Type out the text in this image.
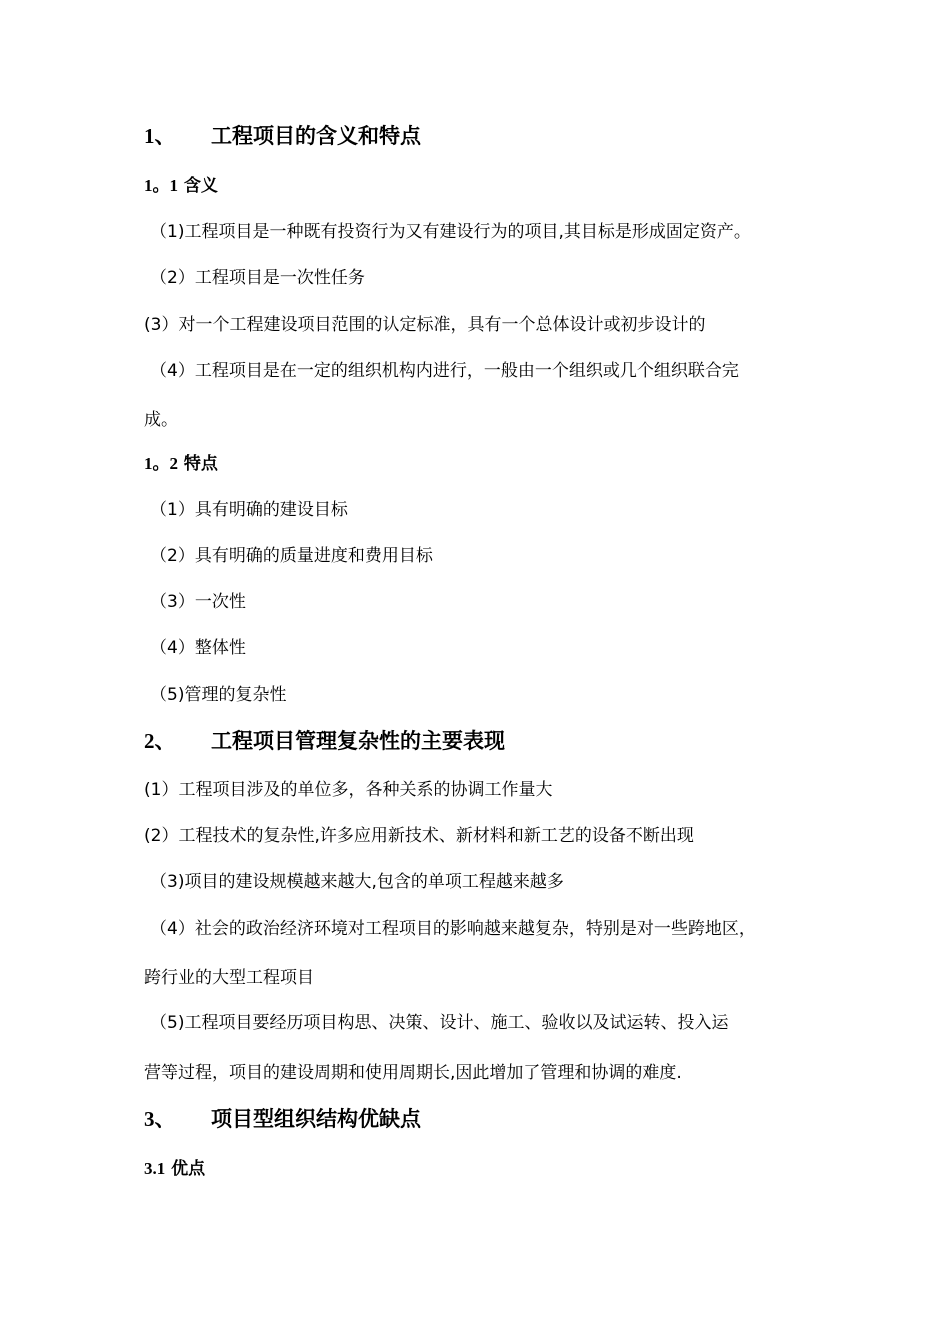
1、 工程项目的含义和特点
1。1 含义
（1)工程项目是一种既有投资行为又有建设行为的项目,其目标是形成固定资产。
（2）工程项目是一次性任务
(3）对一个工程建设项目范围的认定标准，具有一个总体设计或初步设计的
（4）工程项目是在一定的组织机构内进行，一般由一个组织或几个组织联合完
成。
1。2 特点
（1）具有明确的建设目标
（2）具有明确的质量进度和费用目标
（3）一次性
（4）整体性
（5)管理的复杂性
2、 工程项目管理复杂性的主要表现
(1）工程项目涉及的单位多，各种关系的协调工作量大
(2）工程技术的复杂性,许多应用新技术、新材料和新工艺的设备不断出现
（3)项目的建设规模越来越大,包含的单项工程越来越多
（4）社会的政治经济环境对工程项目的影响越来越复杂，特别是对一些跨地区，
跨行业的大型工程项目
（5)工程项目要经历项目构思、决策、设计、施工、验收以及试运转、投入运
营等过程，项目的建设周期和使用周期长,因此增加了管理和协调的难度.
3、 项目型组织结构优缺点
3.1 优点
